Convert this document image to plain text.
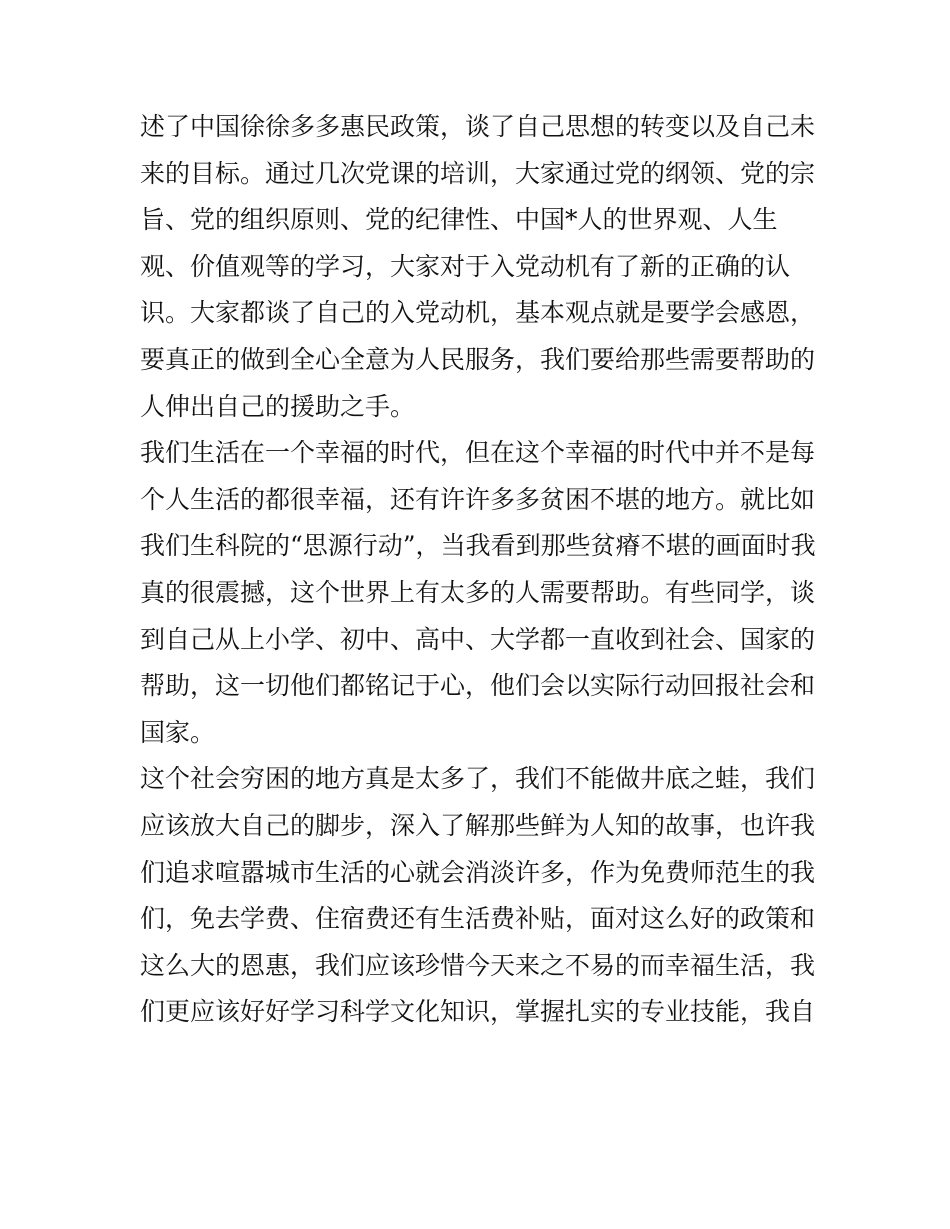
述了中国徐徐多多惠民政策，谈了自己思想的转变以及自己未
来的目标。通过几次党课的培训，大家通过党的纲领、党的宗
旨、党的组织原则、党的纪律性、中国*人的世界观、人生
观、价值观等的学习，大家对于入党动机有了新的正确的认
识。大家都谈了自己的入党动机，基本观点就是要学会感恩，
要真正的做到全心全意为人民服务，我们要给那些需要帮助的
人伸出自己的援助之手。
我们生活在一个幸福的时代，但在这个幸福的时代中并不是每
个人生活的都很幸福，还有许许多多贫困不堪的地方。就比如
我们生科院的“思源行动”，当我看到那些贫瘠不堪的画面时我
真的很震撼，这个世界上有太多的人需要帮助。有些同学，谈
到自己从上小学、初中、高中、大学都一直收到社会、国家的
帮助，这一切他们都铭记于心，他们会以实际行动回报社会和
国家。
这个社会穷困的地方真是太多了，我们不能做井底之蛙，我们
应该放大自己的脚步，深入了解那些鲜为人知的故事，也许我
们追求喧嚣城市生活的心就会消淡许多，作为免费师范生的我
们，免去学费、住宿费还有生活费补贴，面对这么好的政策和
这么大的恩惠，我们应该珍惜今天来之不易的而幸福生活，我
们更应该好好学习科学文化知识，掌握扎实的专业技能，我自
